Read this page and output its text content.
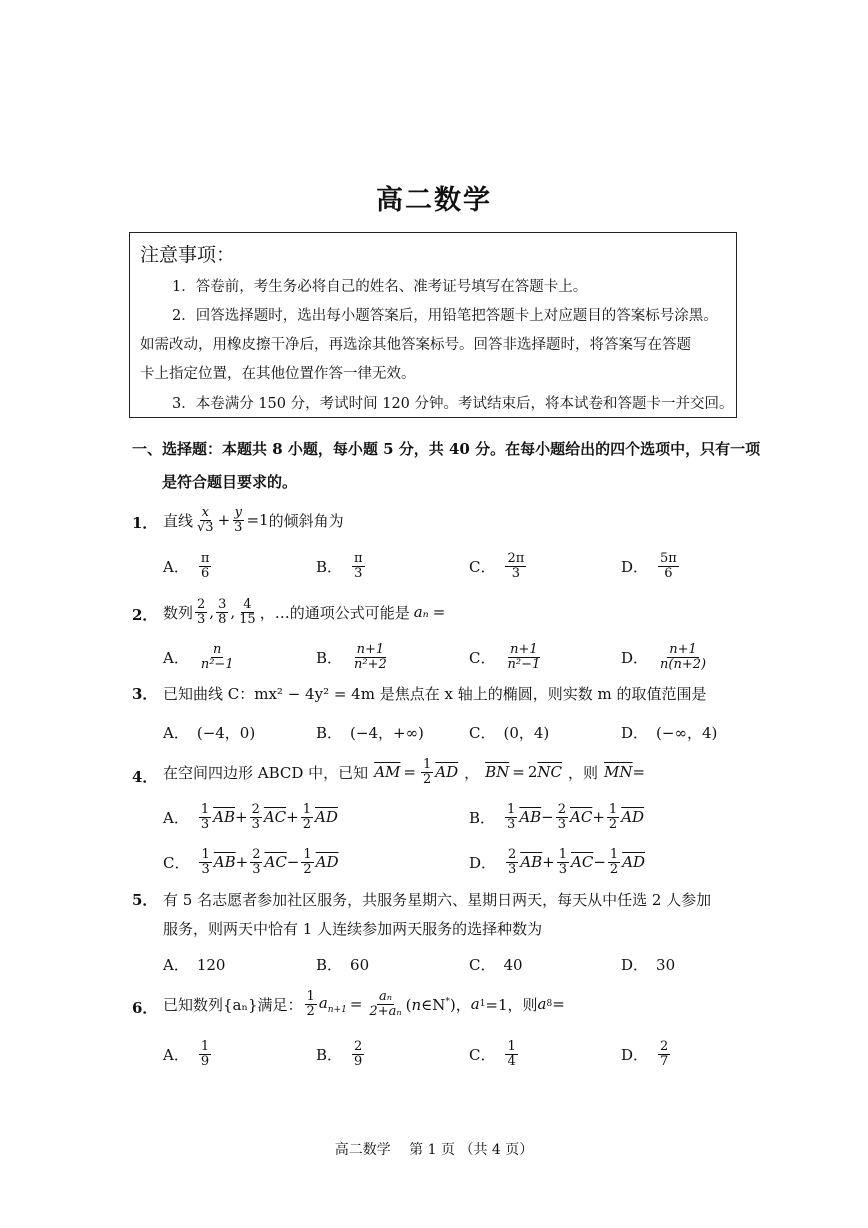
高二数学
注意事项：
1．答卷前，考生务必将自己的姓名、准考证号填写在答题卡上。
2．回答选择题时，选出每小题答案后，用铅笔把答题卡上对应题目的答案标号涂黑。
如需改动，用橡皮擦干净后，再选涂其他答案标号。回答非选择题时，将答案写在答题
卡上指定位置，在其他位置作答一律无效。
3．本卷满分 150 分，考试时间 120 分钟。考试结束后，将本试卷和答题卡一并交回。
一、选择题：本题共 8 小题，每小题 5 分，共 40 分。在每小题给出的四个选项中，只有一项
是符合题目要求的。
1． 直线 $\frac{x}{√3} + \frac{y}{3} =1$ 的倾斜角为
A． $\frac{\pi}{6}$	B． $\frac{\pi}{3}$	C． $\frac{2\pi}{3}$	D． $\frac{5\pi}{6}$
2． 数列 $\frac{2}{3}$ , $\frac{3}{8}$ , $\frac{4}{15}$ ，…的通项公式可能是 aₙ =
A． $\frac{n}{\text{n²−1}}$	B． $\frac{n+1}{\text{n²+2}}$	C． $\frac{n+1}{\text{n²−1}}$	D． $\frac{n+1}{n(n+2)}$
3． 已知曲线 C：mx² − 4y² = 4m 是焦点在 x 轴上的椭圆，则实数 m 的取值范围是
A． (−4，0)	B． (−4，+∞)	C． (0，4)	D． (−∞，4)
4． 在空间四边形 ABCD 中，已知 $\overline{AM} = \frac{1}{2} \overline{AD}$ ， $\overline{BN} = 2$ $\overline{NC}$ ，则 $\overline{MN}$ =
A． $\frac{1}{3} \overline{AB} + \frac{2}{3} \overline{AC} + \frac{1}{2} \overline{AD}$	B． $\frac{1}{3} \overline{AB} - \frac{2}{3} \overline{AC} + \frac{1}{2} \overline{AD}$
C． $\frac{1}{3} \overline{AB} + \frac{2}{3} \overline{AC} - \frac{1}{2} \overline{AD}$	D． $\frac{2}{3} \overline{AB} + \frac{1}{3} \overline{AC} - \frac{1}{2} \overline{AD}$
5． 有 5 名志愿者参加社区服务，共服务星期六、星期日两天，每天从中任选 2 人参加
服务，则两天中恰有 1 人连续参加两天服务的选择种数为
A． 120	B． 60	C． 40	D． 30
6． 已知数列{aₙ}满足： $\frac{1}{2} a_{n+1} = \frac{\text{aₙ}}{\text{2+aₙ}}$ (n∈N*)， a 1 =1，则 a 8 =
A． $\frac{1}{9}$	B． $\frac{2}{9}$	C． $\frac{1}{4}$	D． $\frac{2}{7}$
高二数学　 第 1 页 （共 4 页）
